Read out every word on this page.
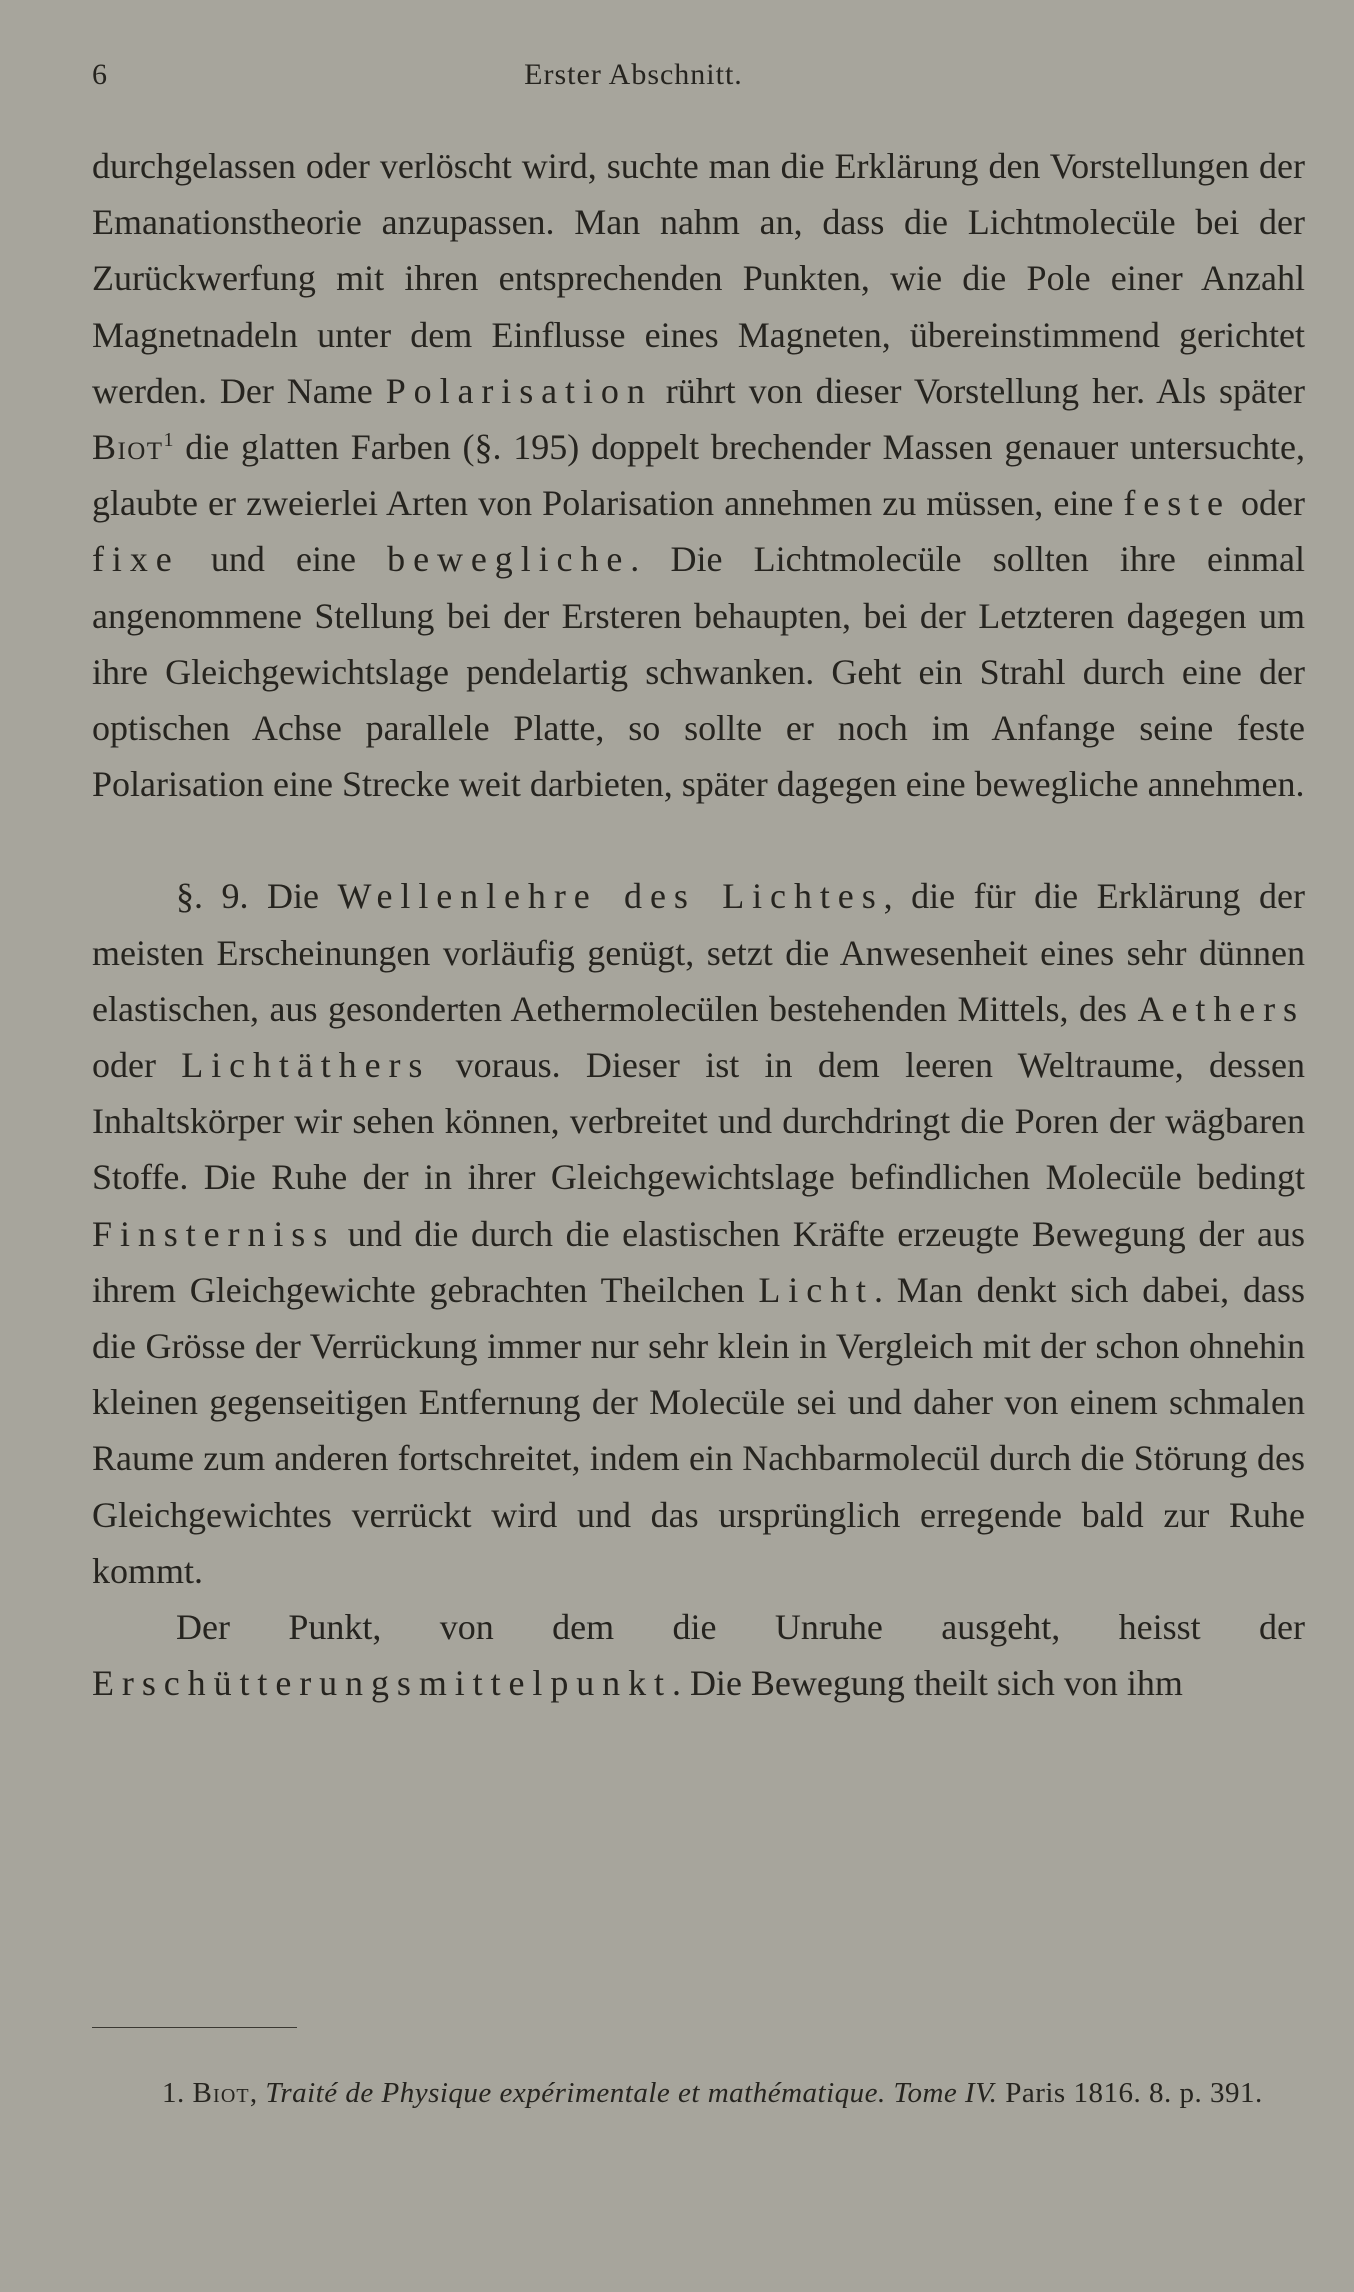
6	Erster Abschnitt.

durchgelassen oder verlöscht wird, suchte man die Erklärung den Vorstellungen der Emanationstheorie anzupassen. Man nahm an, dass die Lichtmolecüle bei der Zurückwerfung mit ihren entsprechenden Punkten, wie die Pole einer Anzahl Magnetnadeln unter dem Einflusse eines Magneten, übereinstimmend gerichtet werden. Der Name Polarisation rührt von dieser Vorstellung her. Als später Biot$^1$ die glatten Farben (§. 195) doppelt brechender Massen genauer untersuchte, glaubte er zweierlei Arten von Polarisation annehmen zu müssen, eine feste oder fixe und eine bewegliche. Die Lichtmolecüle sollten ihre einmal angenommene Stellung bei der Ersteren behaupten, bei der Letzteren dagegen um ihre Gleichgewichtslage pendelartig schwanken. Geht ein Strahl durch eine der optischen Achse parallele Platte, so sollte er noch im Anfange seine feste Polarisation eine Strecke weit darbieten, später dagegen eine bewegliche annehmen.

§. 9. Die Wellenlehre des Lichtes, die für die Erklärung der meisten Erscheinungen vorläufig genügt, setzt die Anwesenheit eines sehr dünnen elastischen, aus gesonderten Aethermolecülen bestehenden Mittels, des Aethers oder Lichtäthers voraus. Dieser ist in dem leeren Weltraume, dessen Inhaltskörper wir sehen können, verbreitet und durchdringt die Poren der wägbaren Stoffe. Die Ruhe der in ihrer Gleichgewichtslage befindlichen Molecüle bedingt Finsterniss und die durch die elastischen Kräfte erzeugte Bewegung der aus ihrem Gleichgewichte gebrachten Theilchen Licht. Man denkt sich dabei, dass die Grösse der Verrückung immer nur sehr klein in Vergleich mit der schon ohnehin kleinen gegenseitigen Entfernung der Molecüle sei und daher von einem schmalen Raume zum anderen fortschreitet, indem ein Nachbarmolecül durch die Störung des Gleichgewichtes verrückt wird und das ursprünglich erregende bald zur Ruhe kommt.

Der Punkt, von dem die Unruhe ausgeht, heisst der Erschütterungsmittelpunkt. Die Bewegung theilt sich von ihm

1. Biot, Traité de Physique expérimentale et mathématique. Tome IV. Paris 1816. 8. p. 391.
